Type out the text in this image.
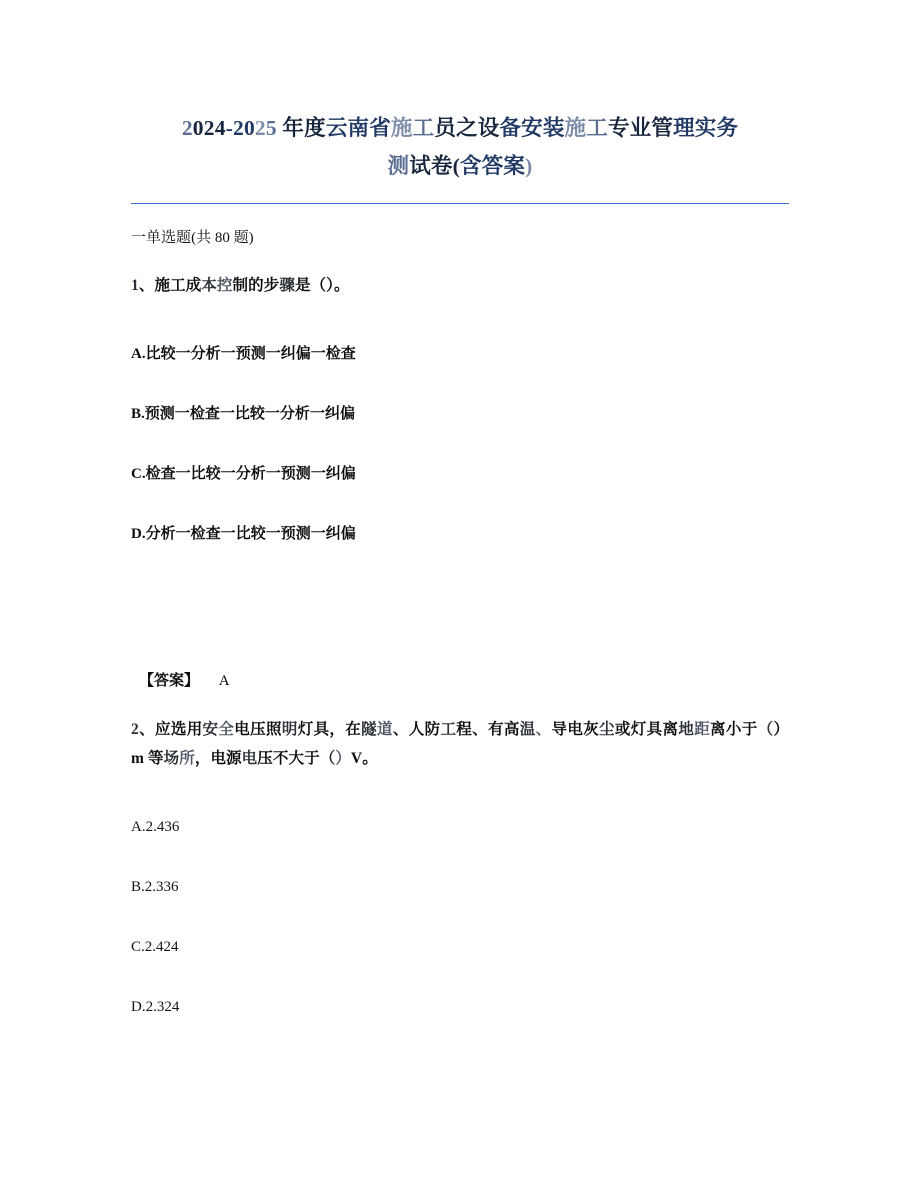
2024-2025 年度云南省施工员之设备安装施工专业管理实务
测试卷(含答案)

一单选题(共 80 题)

1、施工成本控制的步骤是（）。

A.比较一分析一预测一纠偏一检查

B.预测一检查一比较一分析一纠偏

C.检查一比较一分析一预测一纠偏

D.分析一检查一比较一预测一纠偏

【答案】 A

2、应选用安全电压照明灯具，在隧道、人防工程、有高温、导电灰尘或灯具离地距离小于（）m 等场所，电源电压不大于（）V。

A.2.436

B.2.336

C.2.424

D.2.324
